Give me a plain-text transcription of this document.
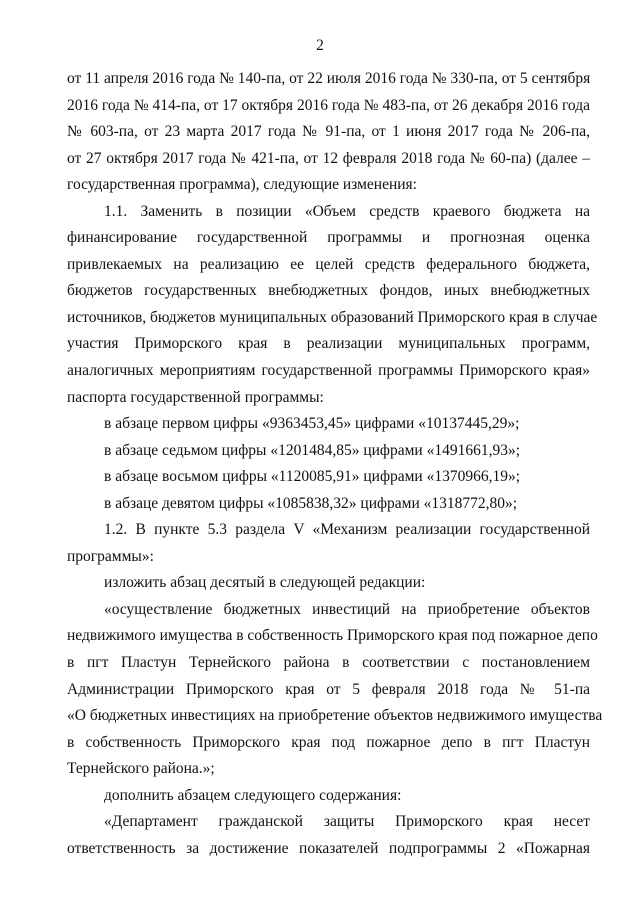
2
от 11 апреля 2016 года № 140-па, от 22 июля 2016 года № 330-па, от 5 сентября
2016 года № 414-па, от 17 октября 2016 года № 483-па, от 26 декабря 2016 года
№ 603-па, от 23 марта 2017 года № 91-па, от 1 июня 2017 года № 206-па,
от 27 октября 2017 года № 421-па, от 12 февраля 2018 года № 60-па) (далее –
государственная программа), следующие изменения:
1.1. Заменить в позиции «Объем средств краевого бюджета на
финансирование государственной программы и прогнозная оценка
привлекаемых на реализацию ее целей средств федерального бюджета,
бюджетов государственных внебюджетных фондов, иных внебюджетных
источников, бюджетов муниципальных образований Приморского края в случае
участия Приморского края в реализации муниципальных программ,
аналогичных мероприятиям государственной программы Приморского края»
паспорта государственной программы:
в абзаце первом цифры «9363453,45» цифрами «10137445,29»;
в абзаце седьмом цифры «1201484,85» цифрами «1491661,93»;
в абзаце восьмом цифры «1120085,91» цифрами «1370966,19»;
в абзаце девятом цифры «1085838,32» цифрами «1318772,80»;
1.2. В пункте 5.3 раздела V «Механизм реализации государственной
программы»:
изложить абзац десятый в следующей редакции:
«осуществление бюджетных инвестиций на приобретение объектов
недвижимого имущества в собственность Приморского края под пожарное депо
в пгт Пластун Тернейского района в соответствии с постановлением
Администрации Приморского края от 5 февраля 2018 года № 51-па
«О бюджетных инвестициях на приобретение объектов недвижимого имущества
в собственность Приморского края под пожарное депо в пгт Пластун
Тернейского района.»;
дополнить абзацем следующего содержания:
«Департамент гражданской защиты Приморского края несет
ответственность за достижение показателей подпрограммы 2 «Пожарная
